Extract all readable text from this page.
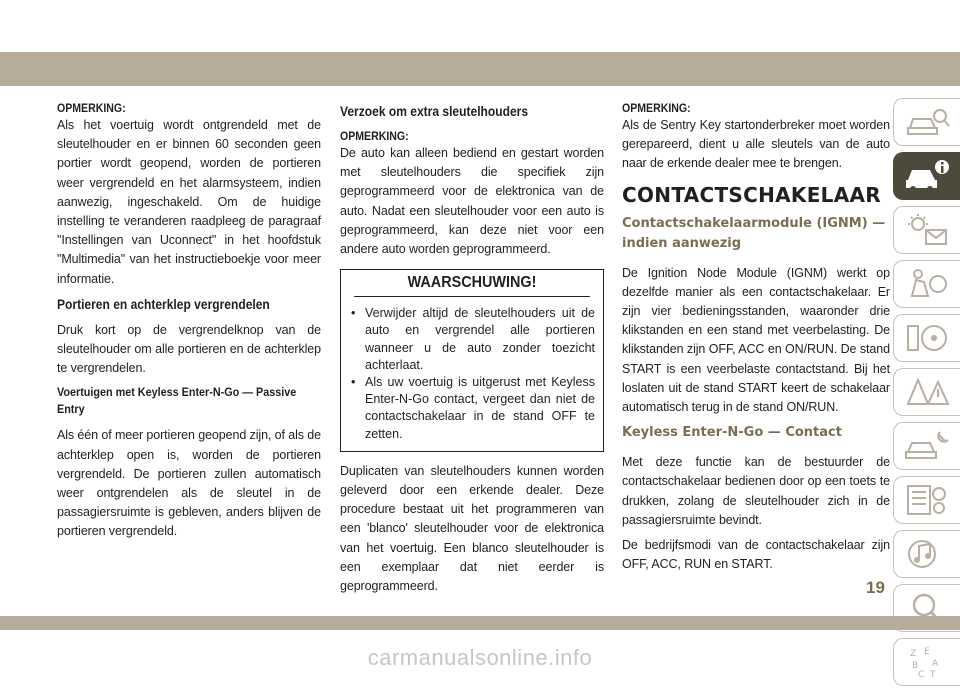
OPMERKING:

Als het voertuig wordt ontgrendeld met de sleutelhouder en er binnen 60 seconden geen portier wordt geopend, worden de portieren weer vergrendeld en het alarmsysteem, indien aanwezig, ingeschakeld. Om de huidige instelling te veranderen raadpleeg de paragraaf "Instellingen van Uconnect" in het hoofdstuk "Multimedia" van het instructieboekje voor meer informatie.

Portieren en achterklep vergrendelen

Druk kort op de vergrendelknop van de sleutelhouder om alle portieren en de achterklep te vergrendelen.

Voertuigen met Keyless Enter-N-Go — Passive Entry

Als één of meer portieren geopend zijn, of als de achterklep open is, worden de portieren vergrendeld. De portieren zullen automatisch weer ontgrendelen als de sleutel in de passagiersruimte is gebleven, anders blijven de portieren vergrendeld.

Verzoek om extra sleutelhouders

OPMERKING:

De auto kan alleen bediend en gestart worden met sleutelhouders die specifiek zijn geprogrammeerd voor de elektronica van de auto. Nadat een sleutelhouder voor een auto is geprogrammeerd, kan deze niet voor een andere auto worden geprogrammeerd.

WAARSCHUWING!

• Verwijder altijd de sleutelhouders uit de auto en vergrendel alle portieren wanneer u de auto zonder toezicht achterlaat.

• Als uw voertuig is uitgerust met Keyless Enter-N-Go contact, vergeet dan niet de contactschakelaar in de stand OFF te zetten.

Duplicaten van sleutelhouders kunnen worden geleverd door een erkende dealer. Deze procedure bestaat uit het programmeren van een 'blanco' sleutelhouder voor de elektronica van het voertuig. Een blanco sleutelhouder is een exemplaar dat niet eerder is geprogrammeerd.

OPMERKING:

Als de Sentry Key startonderbreker moet worden gerepareerd, dient u alle sleutels van de auto naar de erkende dealer mee te brengen.

CONTACTSCHAKELAAR
Contactschakelaarmodule (IGNM) — indien aanwezig

De Ignition Node Module (IGNM) werkt op dezelfde manier als een contactschakelaar. Er zijn vier bedieningsstanden, waaronder drie klikstanden en een stand met veerbelasting. De klikstanden zijn OFF, ACC en ON/RUN. De stand START is een veerbelaste contactstand. Bij het loslaten uit de stand START keert de schakelaar automatisch terug in de stand ON/RUN.

Keyless Enter-N-Go — Contact

Met deze functie kan de bestuurder de contactschakelaar bedienen door op een toets te drukken, zolang de sleutelhouder zich in de passagiersruimte bevindt.

De bedrijfsmodi van de contactschakelaar zijn OFF, ACC, RUN en START.

Z E
B A
C T
19
carmanualsonline.info
